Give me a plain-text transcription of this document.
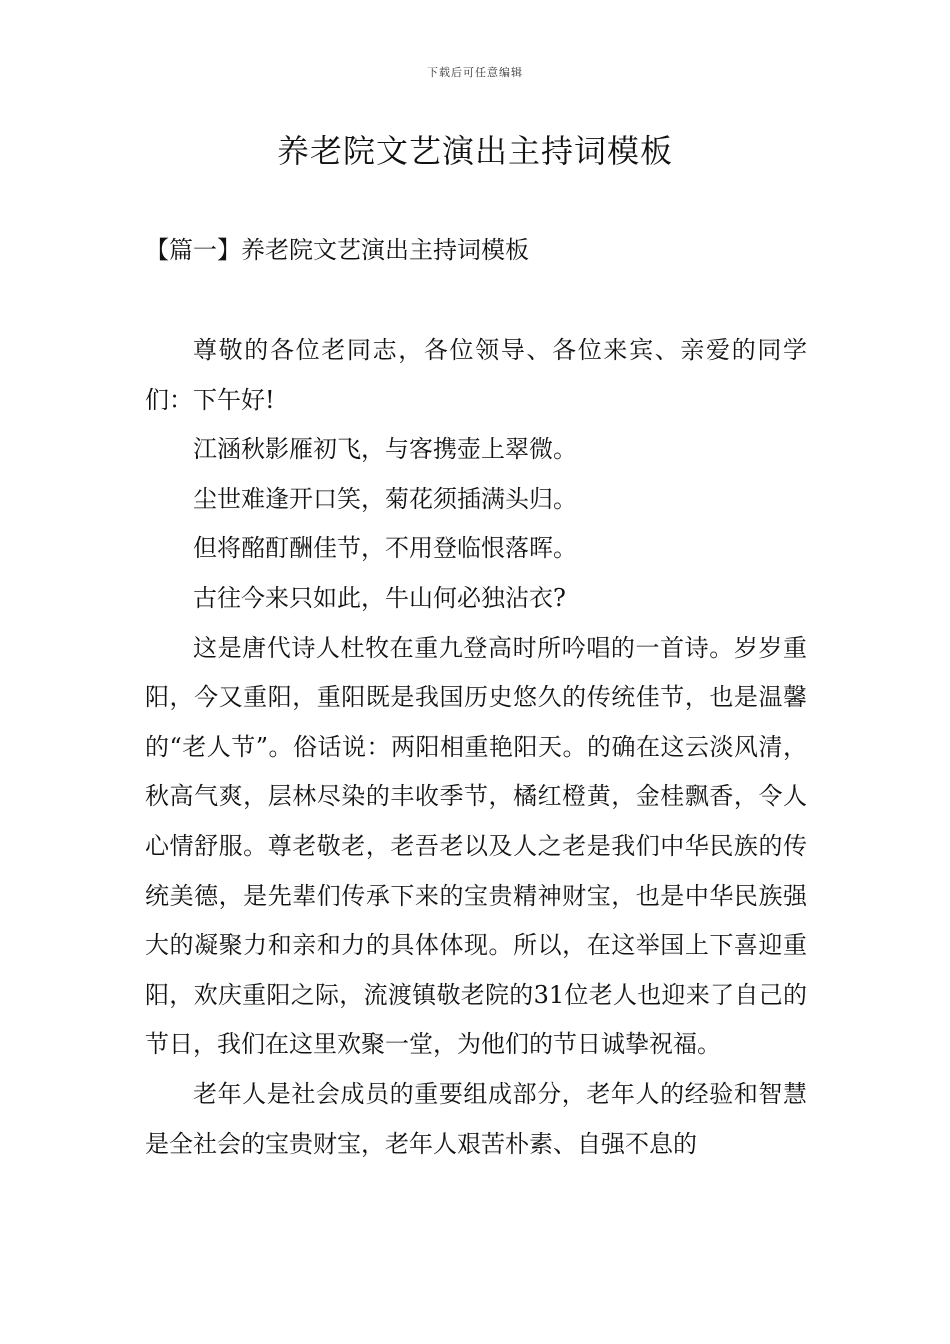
下载后可任意编辑
养老院文艺演出主持词模板
【篇一】养老院文艺演出主持词模板

尊敬的各位老同志，各位领导、各位来宾、亲爱的同学们：下午好!

江涵秋影雁初飞，与客携壶上翠微。

尘世难逢开口笑，菊花须插满头归。

但将酩酊酬佳节，不用登临恨落晖。

古往今来只如此，牛山何必独沾衣?

这是唐代诗人杜牧在重九登高时所吟唱的一首诗。岁岁重阳，今又重阳，重阳既是我国历史悠久的传统佳节，也是温馨的“老人节”。俗话说：两阳相重艳阳天。的确在这云淡风清，秋高气爽，层林尽染的丰收季节，橘红橙黄，金桂飘香，令人心情舒服。尊老敬老，老吾老以及人之老是我们中华民族的传统美德，是先辈们传承下来的宝贵精神财宝，也是中华民族强大的凝聚力和亲和力的具体体现。所以，在这举国上下喜迎重阳，欢庆重阳之际，流渡镇敬老院的31位老人也迎来了自己的节日，我们在这里欢聚一堂，为他们的节日诚挚祝福。

老年人是社会成员的重要组成部分，老年人的经验和智慧是全社会的宝贵财宝，老年人艰苦朴素、自强不息的
